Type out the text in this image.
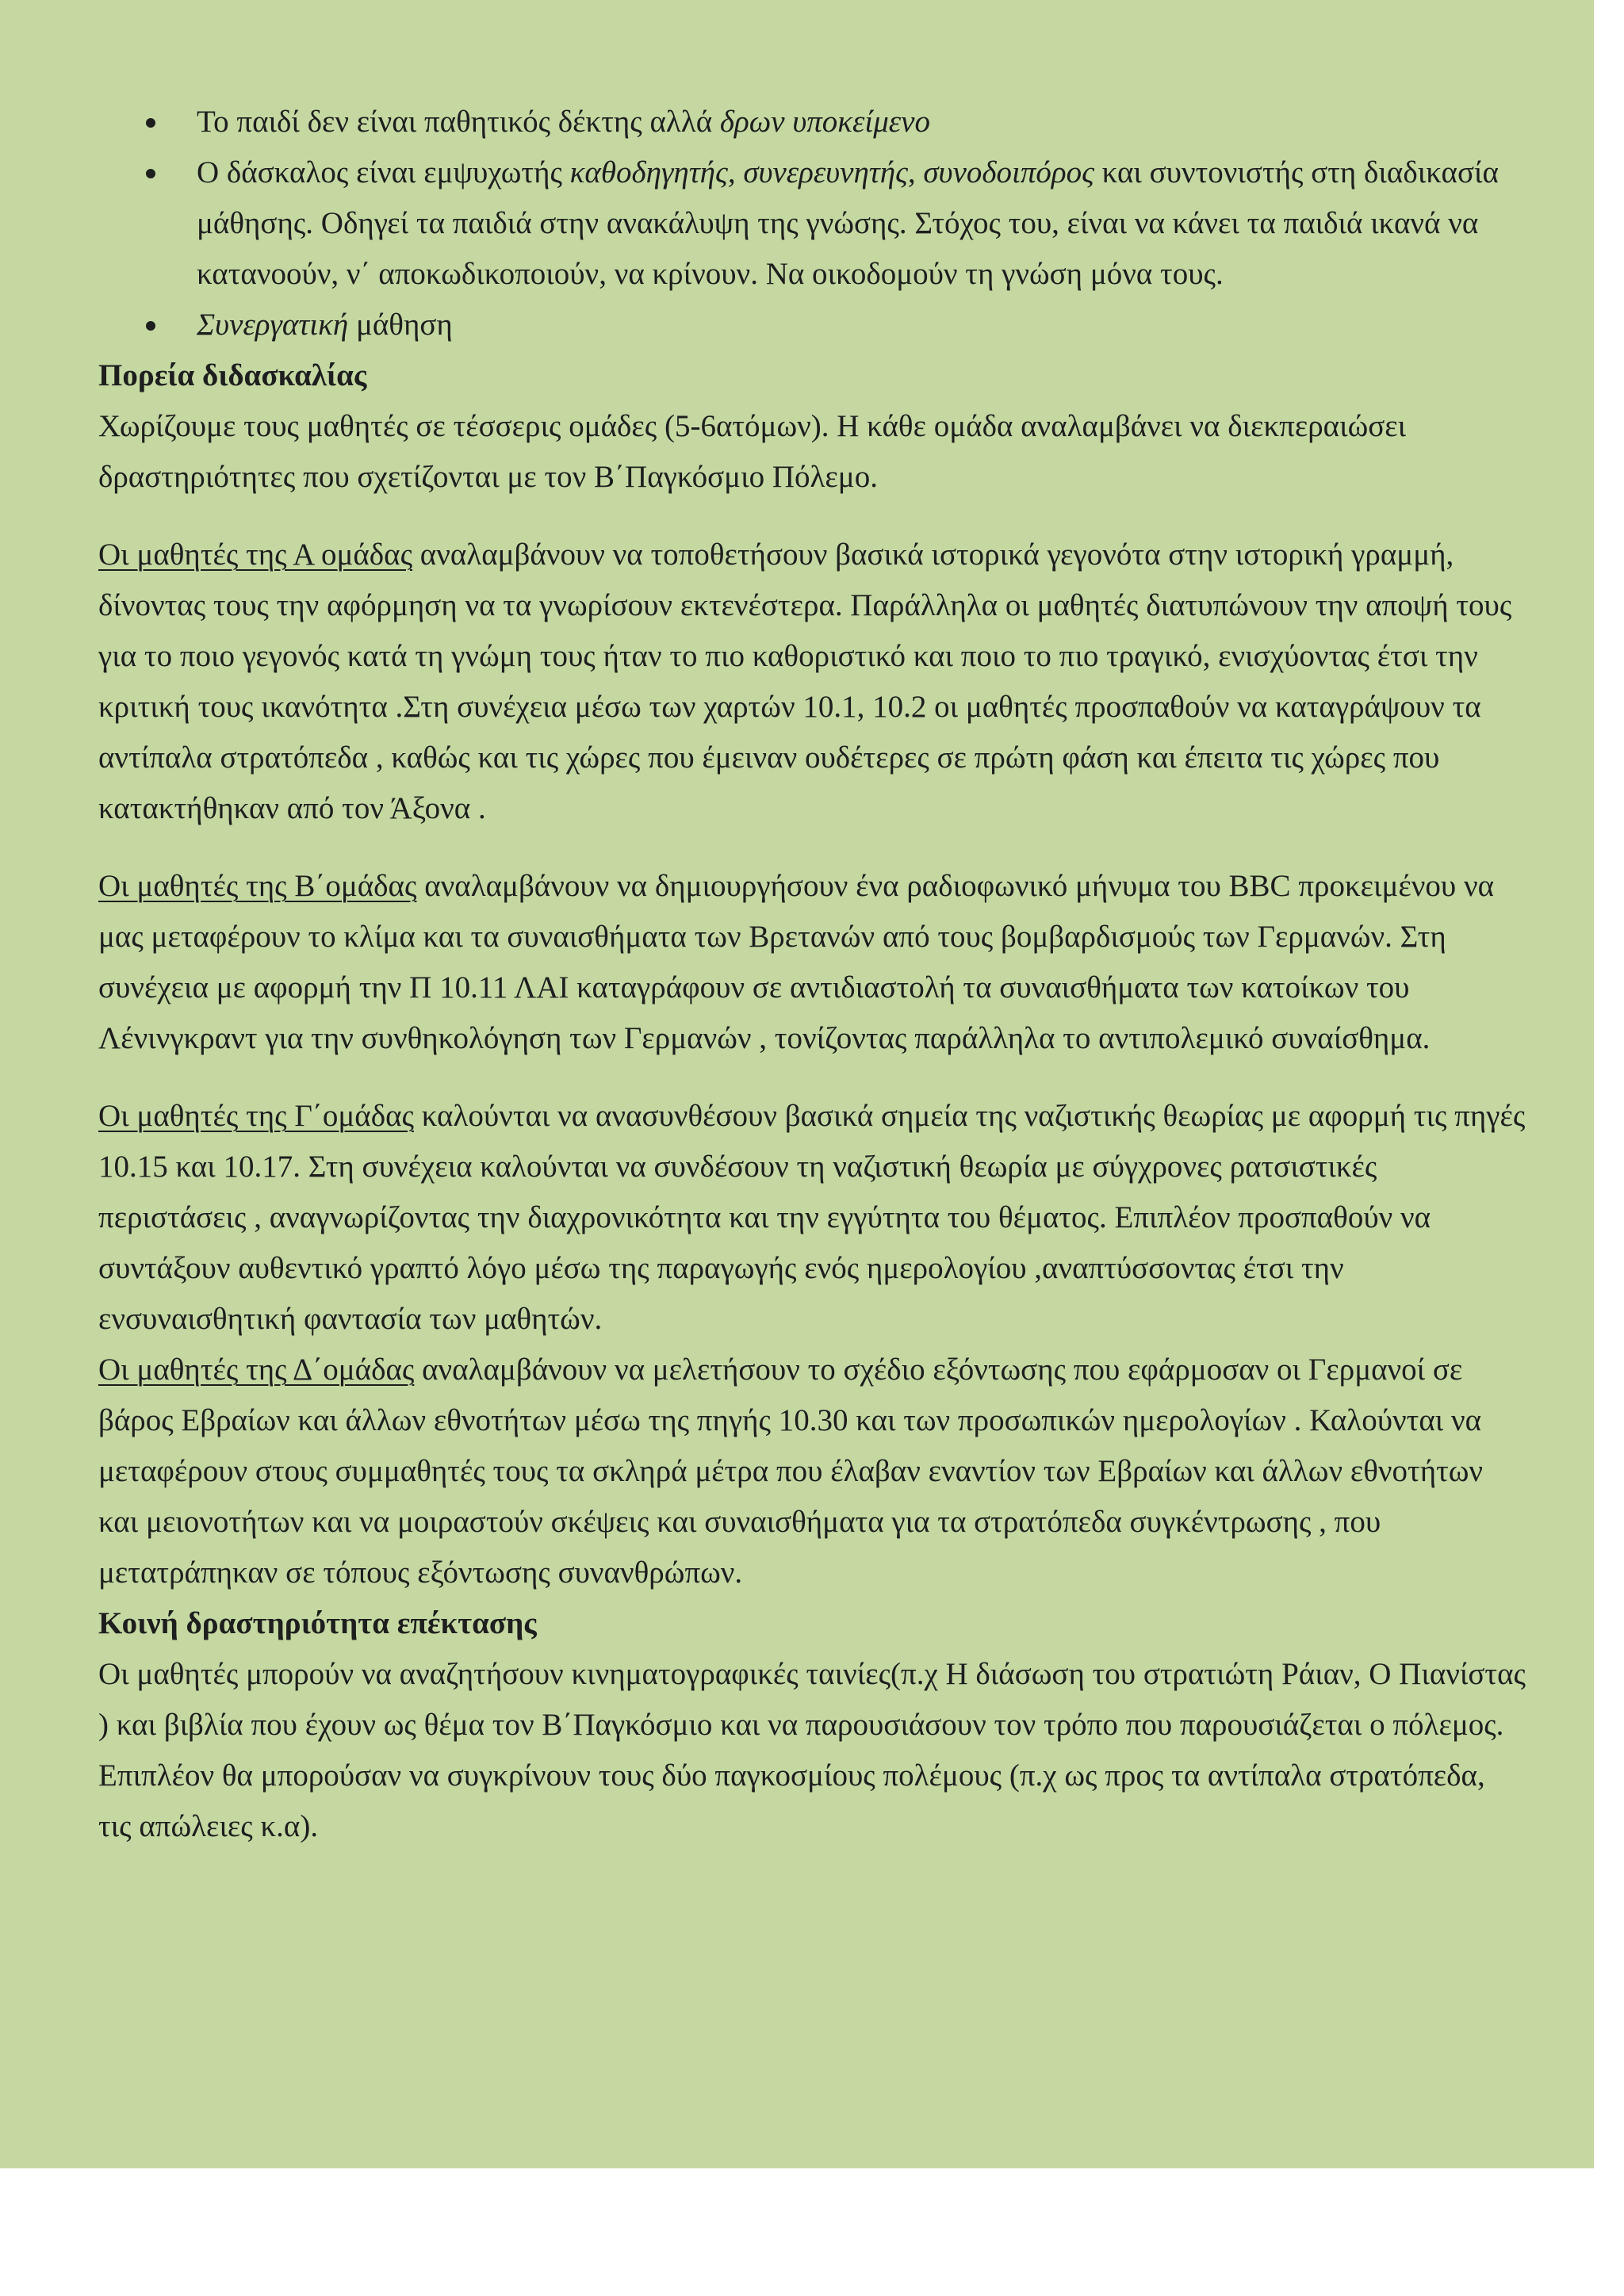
Το παιδί δεν είναι παθητικός δέκτης αλλά δρων υποκείμενο
Ο δάσκαλος είναι εμψυχωτής καθοδηγητής, συνερευνητής, συνοδοιπόρος και συντονιστής στη διαδικασία μάθησης. Οδηγεί τα παιδιά στην ανακάλυψη της γνώσης. Στόχος του, είναι να κάνει τα παιδιά ικανά να κατανοούν, ν΄ αποκωδικοποιούν, να κρίνουν. Να οικοδομούν τη γνώση μόνα τους.
Συνεργατική μάθηση

Πορεία διδασκαλίας

Χωρίζουμε τους μαθητές σε τέσσερις ομάδες (5-6ατόμων). Η κάθε ομάδα αναλαμβάνει να διεκπεραιώσει δραστηριότητες που σχετίζονται με τον Β΄Παγκόσμιο Πόλεμο.

Οι μαθητές της Α ομάδας αναλαμβάνουν να τοποθετήσουν βασικά ιστορικά γεγονότα στην ιστορική γραμμή, δίνοντας τους την αφόρμηση να τα γνωρίσουν εκτενέστερα. Παράλληλα οι μαθητές διατυπώνουν την αποψή τους για το ποιο γεγονός κατά τη γνώμη τους ήταν το πιο καθοριστικό και ποιο το πιο τραγικό, ενισχύοντας έτσι την κριτική τους ικανότητα .Στη συνέχεια μέσω των χαρτών 10.1, 10.2 οι μαθητές προσπαθούν να καταγράψουν τα αντίπαλα στρατόπεδα , καθώς και τις χώρες που έμειναν ουδέτερες σε πρώτη φάση και έπειτα τις χώρες που κατακτήθηκαν από τον Άξονα .

Οι μαθητές της Β΄ομάδας αναλαμβάνουν να δημιουργήσουν ένα ραδιοφωνικό μήνυμα του BBC προκειμένου να μας μεταφέρουν το κλίμα και τα συναισθήματα των Βρετανών από τους βομβαρδισμούς των Γερμανών. Στη συνέχεια με αφορμή την Π 10.11 ΛΑΙ καταγράφουν σε αντιδιαστολή τα συναισθήματα των κατοίκων του Λένινγκραντ για την συνθηκολόγηση των Γερμανών , τονίζοντας παράλληλα το αντιπολεμικό συναίσθημα.

Οι μαθητές της Γ΄ομάδας καλούνται να ανασυνθέσουν βασικά σημεία της ναζιστικής θεωρίας με αφορμή τις πηγές 10.15 και 10.17. Στη συνέχεια καλούνται να συνδέσουν τη ναζιστική θεωρία με σύγχρονες ρατσιστικές περιστάσεις , αναγνωρίζοντας την διαχρονικότητα και την εγγύτητα του θέματος. Επιπλέον προσπαθούν να συντάξουν αυθεντικό γραπτό λόγο μέσω της παραγωγής ενός ημερολογίου ,αναπτύσσοντας έτσι την ενσυναισθητική φαντασία των μαθητών.

Οι μαθητές της Δ΄ομάδας αναλαμβάνουν να μελετήσουν το σχέδιο εξόντωσης που εφάρμοσαν οι Γερμανοί σε βάρος Εβραίων και άλλων εθνοτήτων μέσω της πηγής 10.30 και των προσωπικών ημερολογίων . Καλούνται να μεταφέρουν στους συμμαθητές τους τα σκληρά μέτρα που έλαβαν εναντίον των Εβραίων και άλλων εθνοτήτων και μειονοτήτων και να μοιραστούν σκέψεις και συναισθήματα για τα στρατόπεδα συγκέντρωσης , που μετατράπηκαν σε τόπους εξόντωσης συνανθρώπων.

Κοινή δραστηριότητα επέκτασης

Οι μαθητές μπορούν να αναζητήσουν κινηματογραφικές ταινίες(π.χ Η διάσωση του στρατιώτη Ράιαν, Ο Πιανίστας ) και βιβλία που έχουν ως θέμα τον Β΄Παγκόσμιο και να παρουσιάσουν τον τρόπο που παρουσιάζεται ο πόλεμος. Επιπλέον θα μπορούσαν να συγκρίνουν τους δύο παγκοσμίους πολέμους (π.χ ως προς τα αντίπαλα στρατόπεδα, τις απώλειες κ.α).
